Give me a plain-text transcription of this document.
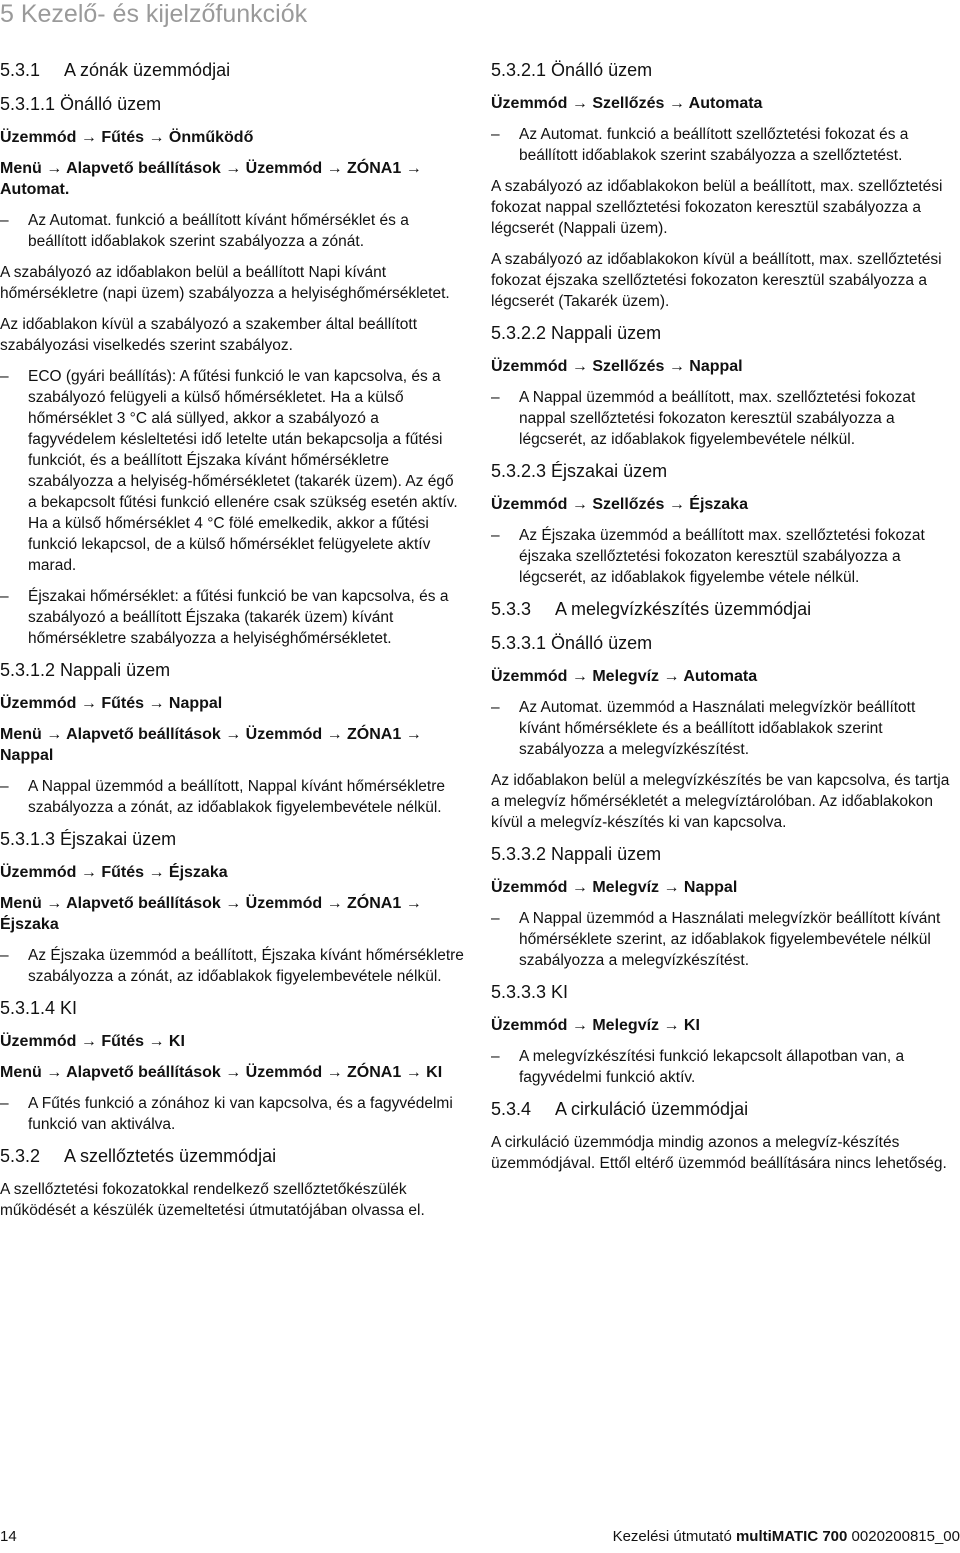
5 Kezelő- és kijelzőfunkciók

5.3.1 A zónák üzemmódjai

5.3.1.1 Önálló üzem

Üzemmód → Fűtés → Önműködő

Menü → Alapvető beállítások → Üzemmód → ZÓNA1 → Automat.

– Az Automat. funkció a beállított kívánt hőmérséklet és a beállított időablakok szerint szabályozza a zónát.

A szabályozó az időablakon belül a beállított Napi kívánt hőmérsékletre (napi üzem) szabályozza a helyiséghőmérsékletet.

Az időablakon kívül a szabályozó a szakember által beállított szabályozási viselkedés szerint szabályoz.

– ECO (gyári beállítás): A fűtési funkció le van kapcsolva, és a szabályozó felügyeli a külső hőmérsékletet. Ha a külső hőmérséklet 3 °C alá süllyed, akkor a szabályozó a fagyvédelem késleltetési idő letelte után bekapcsolja a fűtési funkciót, és a beállított Éjszaka kívánt hőmérsékletre szabályozza a helyiség-hőmérsékletet (takarék üzem). Az égő a bekapcsolt fűtési funkció ellenére csak szükség esetén aktív. Ha a külső hőmérséklet 4 °C fölé emelkedik, akkor a fűtési funkció lekapcsol, de a külső hőmérséklet felügyelete aktív marad.

– Éjszakai hőmérséklet: a fűtési funkció be van kapcsolva, és a szabályozó a beállított Éjszaka (takarék üzem) kívánt hőmérsékletre szabályozza a helyiséghőmérsékletet.

5.3.1.2 Nappali üzem

Üzemmód → Fűtés → Nappal

Menü → Alapvető beállítások → Üzemmód → ZÓNA1 → Nappal

– A Nappal üzemmód a beállított, Nappal kívánt hőmérsékletre szabályozza a zónát, az időablakok figyelembevétele nélkül.

5.3.1.3 Éjszakai üzem

Üzemmód → Fűtés → Éjszaka

Menü → Alapvető beállítások → Üzemmód → ZÓNA1 → Éjszaka

– Az Éjszaka üzemmód a beállított, Éjszaka kívánt hőmérsékletre szabályozza a zónát, az időablakok figyelembevétele nélkül.

5.3.1.4 KI

Üzemmód → Fűtés → KI

Menü → Alapvető beállítások → Üzemmód → ZÓNA1 → KI

– A Fűtés funkció a zónához ki van kapcsolva, és a fagyvédelmi funkció van aktiválva.

5.3.2 A szellőztetés üzemmódjai

A szellőztetési fokozatokkal rendelkező szellőztetőkészülék működését a készülék üzemeltetési útmutatójában olvassa el.

5.3.2.1 Önálló üzem

Üzemmód → Szellőzés → Automata

– Az Automat. funkció a beállított szellőztetési fokozat és a beállított időablakok szerint szabályozza a szellőztetést.

A szabályozó az időablakokon belül a beállított, max. szellőztetési fokozat nappal szellőztetési fokozaton keresztül szabályozza a légcserét (Nappali üzem).

A szabályozó az időablakokon kívül a beállított, max. szellőztetési fokozat éjszaka szellőztetési fokozaton keresztül szabályozza a légcserét (Takarék üzem).

5.3.2.2 Nappali üzem

Üzemmód → Szellőzés → Nappal

– A Nappal üzemmód a beállított, max. szellőztetési fokozat nappal szellőztetési fokozaton keresztül szabályozza a légcserét, az időablakok figyelembevétele nélkül.

5.3.2.3 Éjszakai üzem

Üzemmód → Szellőzés → Éjszaka

– Az Éjszaka üzemmód a beállított max. szellőztetési fokozat éjszaka szellőztetési fokozaton keresztül szabályozza a légcserét, az időablakok figyelembe vétele nélkül.

5.3.3 A melegvízkészítés üzemmódjai

5.3.3.1 Önálló üzem

Üzemmód → Melegvíz → Automata

– Az Automat. üzemmód a Használati melegvízkör beállított kívánt hőmérséklete és a beállított időablakok szerint szabályozza a melegvízkészítést.

Az időablakon belül a melegvízkészítés be van kapcsolva, és tartja a melegvíz hőmérsékletét a melegvíztárolóban. Az időablakokon kívül a melegvíz-készítés ki van kapcsolva.

5.3.3.2 Nappali üzem

Üzemmód → Melegvíz → Nappal

– A Nappal üzemmód a Használati melegvízkör beállított kívánt hőmérséklete szerint, az időablakok figyelembevétele nélkül szabályozza a melegvízkészítést.

5.3.3.3 KI

Üzemmód → Melegvíz → KI

– A melegvízkészítési funkció lekapcsolt állapotban van, a fagyvédelmi funkció aktív.

5.3.4 A cirkuláció üzemmódjai

A cirkuláció üzemmódja mindig azonos a melegvíz-készítés üzemmódjával. Ettől eltérő üzemmód beállítására nincs lehetőség.

14	Kezelési útmutató multiMATIC 700 0020200815_00
